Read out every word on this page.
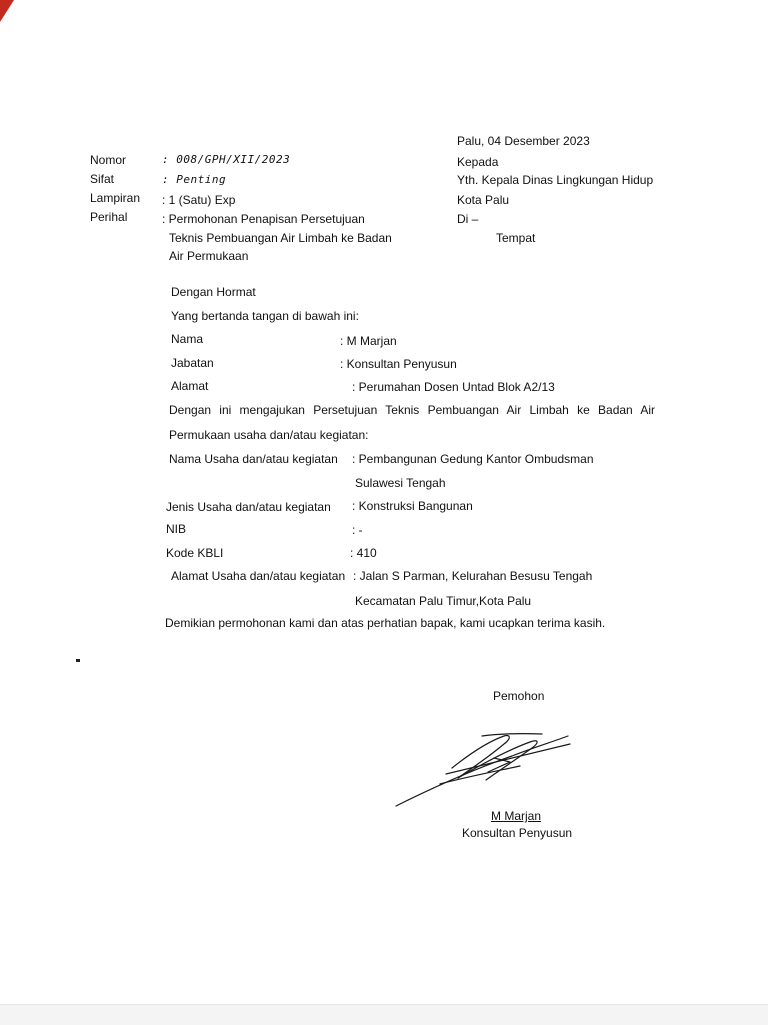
Palu, 04 Desember 2023
Kepada
Yth. Kepala Dinas Lingkungan Hidup
Kota Palu
Di –
Tempat
Nomor	: 008/GPH/XII/2023
Sifat	: Penting
Lampiran : 1 (Satu) Exp
Perihal	: Permohonan Penapisan Persetujuan
Teknis Pembuangan Air Limbah ke Badan
Air Permukaan
Dengan Hormat
Yang bertanda tangan di bawah ini:
Nama	: M Marjan
Jabatan	: Konsultan Penyusun
Alamat	: Perumahan Dosen Untad Blok A2/13
Dengan ini mengajukan Persetujuan Teknis Pembuangan Air Limbah ke Badan Air
Permukaan usaha dan/atau kegiatan:
Nama Usaha dan/atau kegiatan : Pembangunan Gedung Kantor Ombudsman
Sulawesi Tengah
Jenis Usaha dan/atau kegiatan : Konstruksi Bangunan
NIB	: -
Kode KBLI	: 410
Alamat Usaha dan/atau kegiatan : Jalan S Parman, Kelurahan Besusu Tengah
Kecamatan Palu Timur,Kota Palu
Demikian permohonan kami dan atas perhatian bapak, kami ucapkan terima kasih.
Pemohon
M Marjan
Konsultan Penyusun
